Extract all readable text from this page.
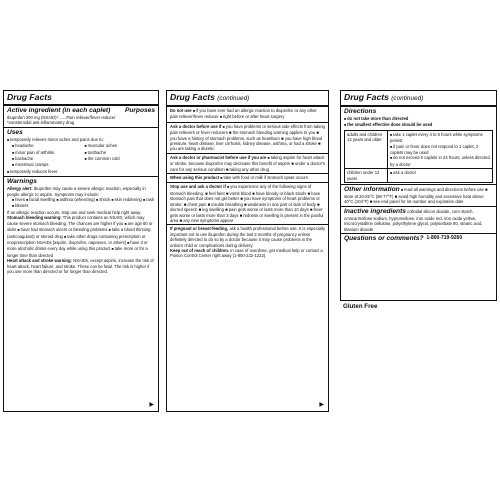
Drug Facts
Active ingredient (in each caplet) Purposes
Ibuprofen 200 mg (NSAID)* ......Pain reliever/fever reducer
*nonsteroidal anti-inflammatory drug
Uses
■ temporarily relieves minor aches and pains due to:
■ headache	■ muscular aches
■ minor pain of arthritis	■ toothache
■ backache	■ the common cold
■ menstrual cramps
■ temporarily reduces fever
Warnings
Allergy alert: Ibuprofen may cause a severe allergic reaction, especially in people allergic to aspirin. Symptoms may include:
■ hives ■ facial swelling ■ asthma (wheezing) ■ shock ■ skin reddening ■ rash ■ blisters
If an allergic reaction occurs, stop use and seek medical help right away.
Stomach bleeding warning: This product contains an NSAID, which may cause severe stomach bleeding. The chances are higher if you ■ are age 60 or older ■ have had stomach ulcers or bleeding problems ■ take a blood thinning (anticoagulant) or steroid drug ■ take other drugs containing prescription or nonprescription NSAIDs [aspirin, ibuprofen, naproxen, or others] ■ have 3 or more alcoholic drinks every day while using this product ■ take more or for a longer time than directed
Heart attack and stroke warning: NSAIDs, except aspirin, increase the risk of heart attack, heart failure, and stroke. These can be fatal. The risk is higher if you use more than directed or for longer than directed.
▶
Drug Facts (continued)
Do not use ■ if you have ever had an allergic reaction to ibuprofen or any other pain reliever/fever reducer ■ right before or after heart surgery
Ask a doctor before use if ■ you have problems or serious side effects from taking pain relievers or fever reducers ■ the stomach bleeding warning applies to you ■ you have a history of stomach problems, such as heartburn ■ you have high blood pressure, heart disease, liver cirrhosis, kidney disease, asthma, or had a stroke ■ you are taking a diuretic
Ask a doctor or pharmacist before use if you are ■ taking aspirin for heart attack or stroke, because ibuprofen may decrease this benefit of aspirin ■ under a doctor's care for any serious condition ■ taking any other drug
When using this product ■ take with food or milk if stomach upset occurs
Stop use and ask a doctor if ■ you experience any of the following signs of stomach bleeding: ■ feel faint ■ vomit blood ■ have bloody or black stools ■ have stomach pain that does not get better ■ you have symptoms of heart problems or stroke: ■ chest pain ■ trouble breathing ■ weakness in one part or side of body ■ slurred speech ■ leg swelling ■ pain gets worse or lasts more than 10 days ■ fever gets worse or lasts more than 3 days ■ redness or swelling is present in the painful area ■ any new symptoms appear
If pregnant or breast-feeding, ask a health professional before use. It is especially important not to use ibuprofen during the last 3 months of pregnancy unless definitely directed to do so by a doctor because it may cause problems in the unborn child or complications during delivery.
Keep out of reach of children. In case of overdose, get medical help or contact a Poison Control Center right away (1-800-222-1222).
▶
Drug Facts (continued)
Directions
■ do not take more than directed
■ the smallest effective dose should be used
adults and children 12 years and older	■ take 1 caplet every 4 to 6 hours while symptoms persist
■ if pain or fever does not respond to 1 caplet, 2 caplets may be used
■ do not exceed 6 caplets in 24 hours, unless directed by a doctor

children under 12 years	■ ask a doctor
Other information ■ read all warnings and directions before use ■ store at 20-25°C (68-77°F) ■ avoid high humidity and excessive heat above 40°C (104°F) ■ see end panel for lot number and expiration date
Inactive ingredients colloidal silicon dioxide, corn starch, croscarmellose sodium, hypromellose, iron oxide red, iron oxide yellow, microcrystalline cellulose, polyethylene glycol, polysorbate 80, stearic acid, titanium dioxide
Questions or comments? 1-800-719-9260
Gluten Free
